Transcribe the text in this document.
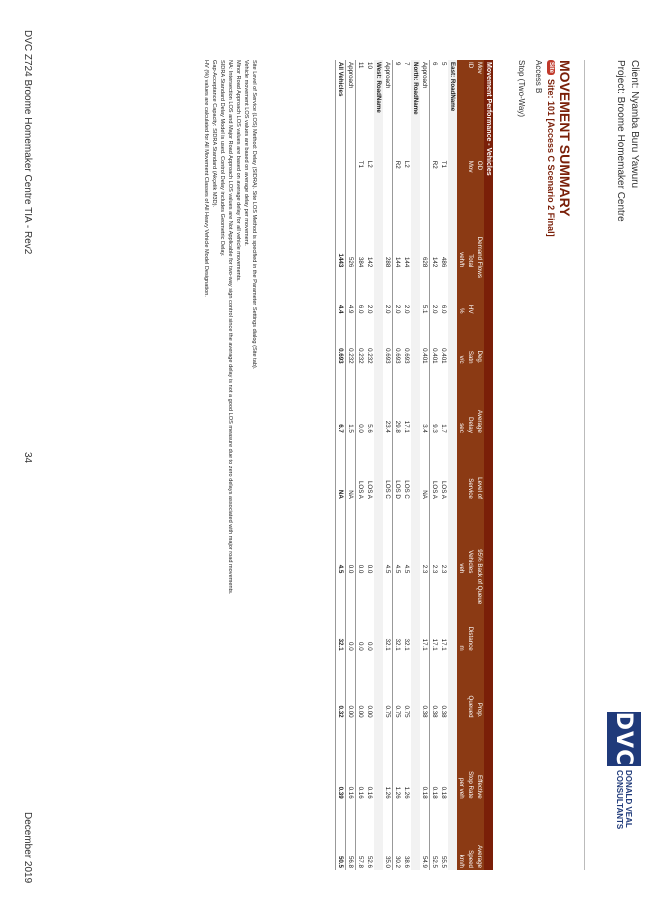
Client: Nyamba Buru Yawuru
Project: Broome Homemaker Centre
DVC
DONALD VEAL
CONSULTANTS
MOVEMENT SUMMARY
Site
Site: 101 [Access C Scenario 2 Final]
Access B
Stop (Two-Way)
Movement Performance - Vehicles											
Mov	OD	Demand Flows		Deg.	Average	Level of	95% Back of Queue		Prop.	Effective	Average
ID	Mov	Total	HV	Satn	Delay	Service	Vehicles	Distance	Queued	Stop Rate	Speed
		veh/h	%	v/c	sec		veh	m		per veh	km/h
East: RoadName											
5	T1	486	6.0	0.401	1.7	LOS A	2.3	17.1	0.38	0.18	55.5
6	R2	142	2.0	0.401	9.3	LOS A	2.3	17.1	0.38	0.18	52.5
Approach		628	5.1	0.401	3.4	NA	2.3	17.1	0.38	0.18	54.9
North: RoadName											
7	L2	144	2.0	0.693	17.1	LOS C	4.5	32.1	0.75	1.26	38.6
9	R2	144	2.0	0.693	29.8	LOS D	4.5	32.1	0.75	1.26	30.2
Approach		288	2.0	0.693	23.4	LOS C	4.5	32.1	0.75	1.26	35.0
West: RoadName											
10	L2	142	2.0	0.232	5.6	LOS A	0.0	0.0	0.00	0.16	52.6
11	T1	384	6.0	0.232	0.0	LOS A	0.0	0.0	0.00	0.16	57.8
Approach		526	4.9	0.232	1.5	NA	0.0	0.0	0.00	0.16	56.8
All Vehicles		1443	4.4	0.693	6.7	NA	4.5	32.1	0.32	0.39	50.5
Site Level of Service (LOS) Method: Delay (SIDRA). Site LOS Method is specified in the Parameter Settings dialog (Site tab).
Vehicle movement LOS values are based on average delay per movement.
Minor Road Approach LOS values are based on average delay for all vehicle movements.
NA: Intersection LOS and Major Road Approach LOS values are Not Applicable for two-way sign control since the average delay is not a good LOS measure due to zero delays associated with major road movements.
SIDRA Standard Delay Model is used. Control Delay includes Geometric Delay.
Gap-Acceptance Capacity: SIDRA Standard (Akçelik M3D).
HV (%) values are calculated for All Movement Classes of All Heavy Vehicle Model Designation.
DVC Z724 Broome Homemaker Centre TIA - Rev2
34
December 2019
